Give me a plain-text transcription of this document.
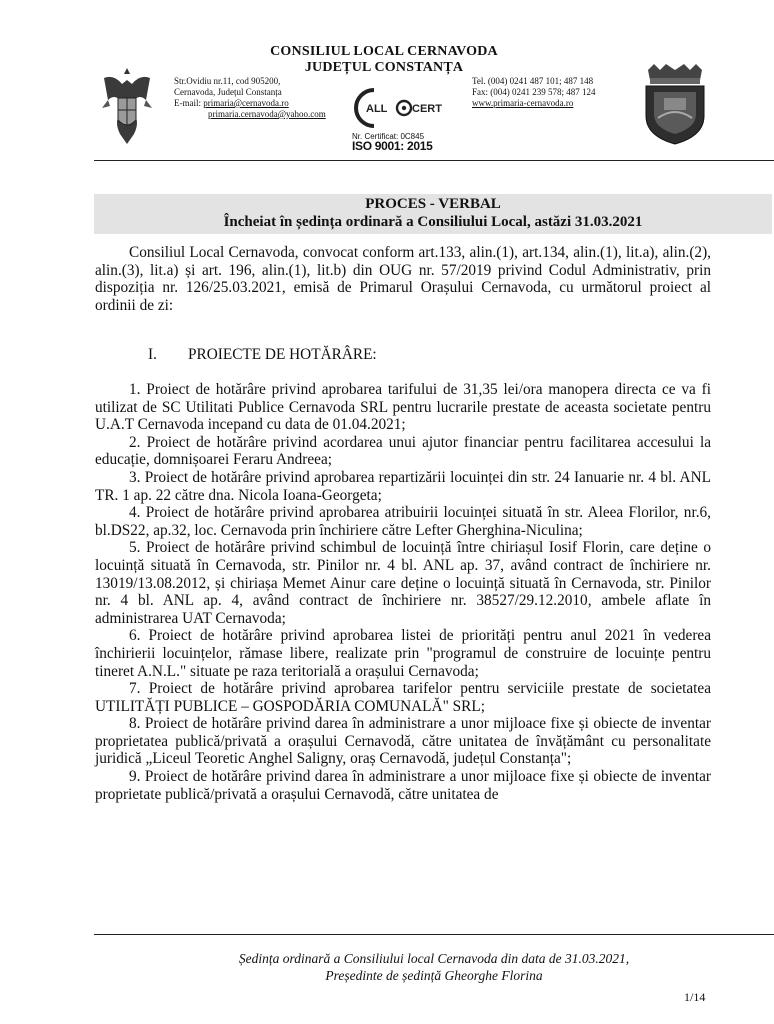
CONSILIUL LOCAL CERNAVODA
JUDEȚUL CONSTANȚA
Str.Ovidiu nr.11, cod 905200,
Cernavoda, Județul Constanța
E-mail: primaria@cernavoda.ro
primaria.cernavoda@yahoo.com
Tel. (004) 0241 487 101; 487 148
Fax: (004) 0241 239 578; 487 124
www.primaria-cernavoda.ro
ALL CERT
Nr. Certificat: 0C845
ISO 9001: 2015
PROCES - VERBAL
Încheiat în ședința ordinară a Consiliului Local, astăzi 31.03.2021

Consiliul Local Cernavoda, convocat conform art.133, alin.(1), art.134, alin.(1), lit.a), alin.(2), alin.(3), lit.a) și art. 196, alin.(1), lit.b) din OUG nr. 57/2019 privind Codul Administrativ, prin dispoziția nr. 126/25.03.2021, emisă de Primarul Orașului Cernavoda, cu următorul proiect al ordinii de zi:

I. PROIECTE DE HOTĂRÂRE:

1. Proiect de hotărâre privind aprobarea tarifului de 31,35 lei/ora manopera directa ce va fi utilizat de SC Utilitati Publice Cernavoda SRL pentru lucrarile prestate de aceasta societate pentru U.A.T Cernavoda incepand cu data de 01.04.2021;

2. Proiect de hotărâre privind acordarea unui ajutor financiar pentru facilitarea accesului la educație, domnișoarei Feraru Andreea;

3. Proiect de hotărâre privind aprobarea repartizării locuinței din str. 24 Ianuarie nr. 4 bl. ANL TR. 1 ap. 22 către dna. Nicola Ioana-Georgeta;

4. Proiect de hotărâre privind aprobarea atribuirii locuinței situată în str. Aleea Florilor, nr.6, bl.DS22, ap.32, loc. Cernavoda prin închiriere către Lefter Gherghina-Niculina;

5. Proiect de hotărâre privind schimbul de locuință între chiriașul Iosif Florin, care deține o locuință situată în Cernavoda, str. Pinilor nr. 4 bl. ANL ap. 37, având contract de închiriere nr. 13019/13.08.2012, și chiriașa Memet Ainur care deține o locuință situată în Cernavoda, str. Pinilor nr. 4 bl. ANL ap. 4, având contract de închiriere nr. 38527/29.12.2010, ambele aflate în administrarea UAT Cernavoda;

6. Proiect de hotărâre privind aprobarea listei de priorități pentru anul 2021 în vederea închirierii locuințelor, rămase libere, realizate prin "programul de construire de locuințe pentru tineret A.N.L." situate pe raza teritorială a orașului Cernavoda;

7. Proiect de hotărâre privind aprobarea tarifelor pentru serviciile prestate de societatea UTILITĂȚI PUBLICE – GOSPODĂRIA COMUNALĂ" SRL;

8. Proiect de hotărâre privind darea în administrare a unor mijloace fixe și obiecte de inventar proprietatea publică/privată a orașului Cernavodă, către unitatea de învățământ cu personalitate juridică „Liceul Teoretic Anghel Saligny, oraș Cernavodă, județul Constanța";

9. Proiect de hotărâre privind darea în administrare a unor mijloace fixe și obiecte de inventar proprietate publică/privată a orașului Cernavodă, către unitatea de

Ședința ordinară a Consiliului local Cernavoda din data de 31.03.2021,
Președinte de ședință Gheorghe Florina
1/14
